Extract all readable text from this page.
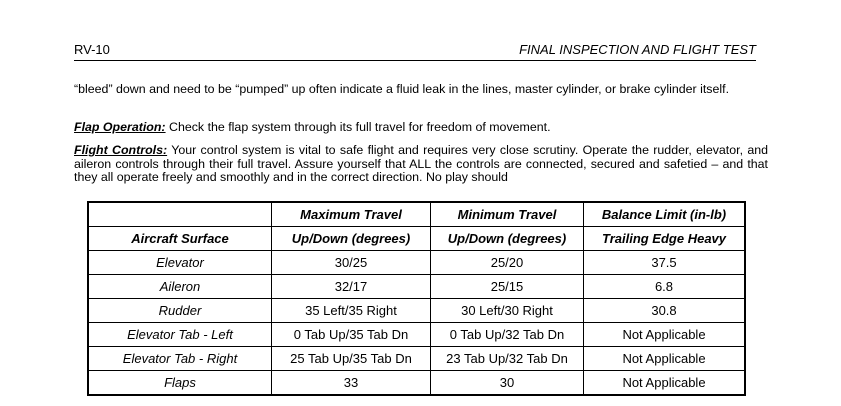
RV-10	FINAL INSPECTION AND FLIGHT TEST
“bleed” down and need to be “pumped” up often indicate a fluid leak in the lines, master cylinder, or brake cylinder itself.
Flap Operation: Check the flap system through its full travel for freedom of movement.
Flight Controls: Your control system is vital to safe flight and requires very close scrutiny. Operate the rudder, elevator, and aileron controls through their full travel. Assure yourself that ALL the controls are connected, secured and safetied – and that they all operate freely and smoothly and in the correct direction. No play should
	Maximum Travel	Minimum Travel	Balance Limit (in-lb)
Aircraft Surface	Up/Down (degrees)	Up/Down (degrees)	Trailing Edge Heavy
Elevator	30/25	25/20	37.5
Aileron	32/17	25/15	6.8
Rudder	35 Left/35 Right	30 Left/30 Right	30.8
Elevator Tab - Left	0 Tab Up/35 Tab Dn	0 Tab Up/32 Tab Dn	Not Applicable
Elevator Tab - Right	25 Tab Up/35 Tab Dn	23 Tab Up/32 Tab Dn	Not Applicable
Flaps	33	30	Not Applicable
